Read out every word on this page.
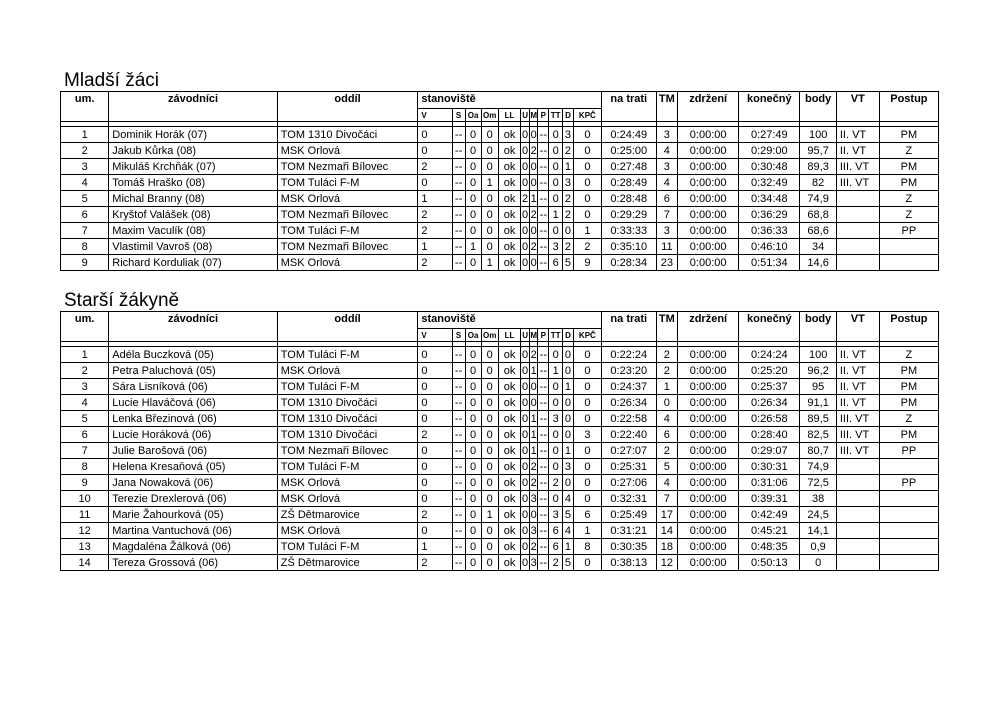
Mladší žáci
um.	závodníci	oddíl	stanoviště											na trati	TM	zdržení	konečný	body	VT	Postup
			V	S	Oa	Om	LL	U	M	P	TT	D	KPČ							

1	Dominik Horák (07)	TOM 1310 Divočáci	0	--	0	0	ok	0	0	--	0	3	0	0:24:49	3	0:00:00	0:27:49	100	II. VT	PM
2	Jakub Kůrka (08)	MSK Orlová	0	--	0	0	ok	0	2	--	0	2	0	0:25:00	4	0:00:00	0:29:00	95,7	II. VT	Z
3	Mikuláš Krchňák (07)	TOM Nezmaři Bílovec	2	--	0	0	ok	0	0	--	0	1	0	0:27:48	3	0:00:00	0:30:48	89,3	III. VT	PM
4	Tomáš Hraško (08)	TOM Tuláci F-M	0	--	0	1	ok	0	0	--	0	3	0	0:28:49	4	0:00:00	0:32:49	82	III. VT	PM
5	Michal Branny (08)	MSK Orlová	1	--	0	0	ok	2	1	--	0	2	0	0:28:48	6	0:00:00	0:34:48	74,9		Z
6	Kryštof Valášek (08)	TOM Nezmaři Bílovec	2	--	0	0	ok	0	2	--	1	2	0	0:29:29	7	0:00:00	0:36:29	68,8		Z
7	Maxim Vaculík (08)	TOM Tuláci F-M	2	--	0	0	ok	0	0	--	0	0	1	0:33:33	3	0:00:00	0:36:33	68,6		PP
8	Vlastimil Vavroš (08)	TOM Nezmaři Bílovec	1	--	1	0	ok	0	2	--	3	2	2	0:35:10	11	0:00:00	0:46:10	34		
9	Richard Korduliak (07)	MSK Orlová	2	--	0	1	ok	0	0	--	6	5	9	0:28:34	23	0:00:00	0:51:34	14,6		
Starší žákyně
um.	závodníci	oddíl	stanoviště											na trati	TM	zdržení	konečný	body	VT	Postup
			V	S	Oa	Om	LL	U	M	P	TT	D	KPČ							

1	Adéla Buczková (05)	TOM Tuláci F-M	0	--	0	0	ok	0	2	--	0	0	0	0:22:24	2	0:00:00	0:24:24	100	II. VT	Z
2	Petra Paluchová (05)	MSK Orlová	0	--	0	0	ok	0	1	--	1	0	0	0:23:20	2	0:00:00	0:25:20	96,2	II. VT	PM
3	Sára Lisníková (06)	TOM Tuláci F-M	0	--	0	0	ok	0	0	--	0	1	0	0:24:37	1	0:00:00	0:25:37	95	II. VT	PM
4	Lucie Hlaváčová (06)	TOM 1310 Divočáci	0	--	0	0	ok	0	0	--	0	0	0	0:26:34	0	0:00:00	0:26:34	91,1	II. VT	PM
5	Lenka Březinová (06)	TOM 1310 Divočáci	0	--	0	0	ok	0	1	--	3	0	0	0:22:58	4	0:00:00	0:26:58	89,5	III. VT	Z
6	Lucie Horáková (06)	TOM 1310 Divočáci	2	--	0	0	ok	0	1	--	0	0	3	0:22:40	6	0:00:00	0:28:40	82,5	III. VT	PM
7	Julie Barošová (06)	TOM Nezmaři Bílovec	0	--	0	0	ok	0	1	--	0	1	0	0:27:07	2	0:00:00	0:29:07	80,7	III. VT	PP
8	Helena Kresaňová (05)	TOM Tuláci F-M	0	--	0	0	ok	0	2	--	0	3	0	0:25:31	5	0:00:00	0:30:31	74,9		
9	Jana Nowaková (06)	MSK Orlová	0	--	0	0	ok	0	2	--	2	0	0	0:27:06	4	0:00:00	0:31:06	72,5		PP
10	Terezie Drexlerová (06)	MSK Orlová	0	--	0	0	ok	0	3	--	0	4	0	0:32:31	7	0:00:00	0:39:31	38		
11	Marie Žahourková (05)	ZŠ Dětmarovice	2	--	0	1	ok	0	0	--	3	5	6	0:25:49	17	0:00:00	0:42:49	24,5		
12	Martina Vantuchová (06)	MSK Orlová	0	--	0	0	ok	0	3	--	6	4	1	0:31:21	14	0:00:00	0:45:21	14,1		
13	Magdaléna Žálková (06)	TOM Tuláci F-M	1	--	0	0	ok	0	2	--	6	1	8	0:30:35	18	0:00:00	0:48:35	0,9		
14	Tereza Grossová (06)	ZŠ Dětmarovice	2	--	0	0	ok	0	3	--	2	5	0	0:38:13	12	0:00:00	0:50:13	0		
